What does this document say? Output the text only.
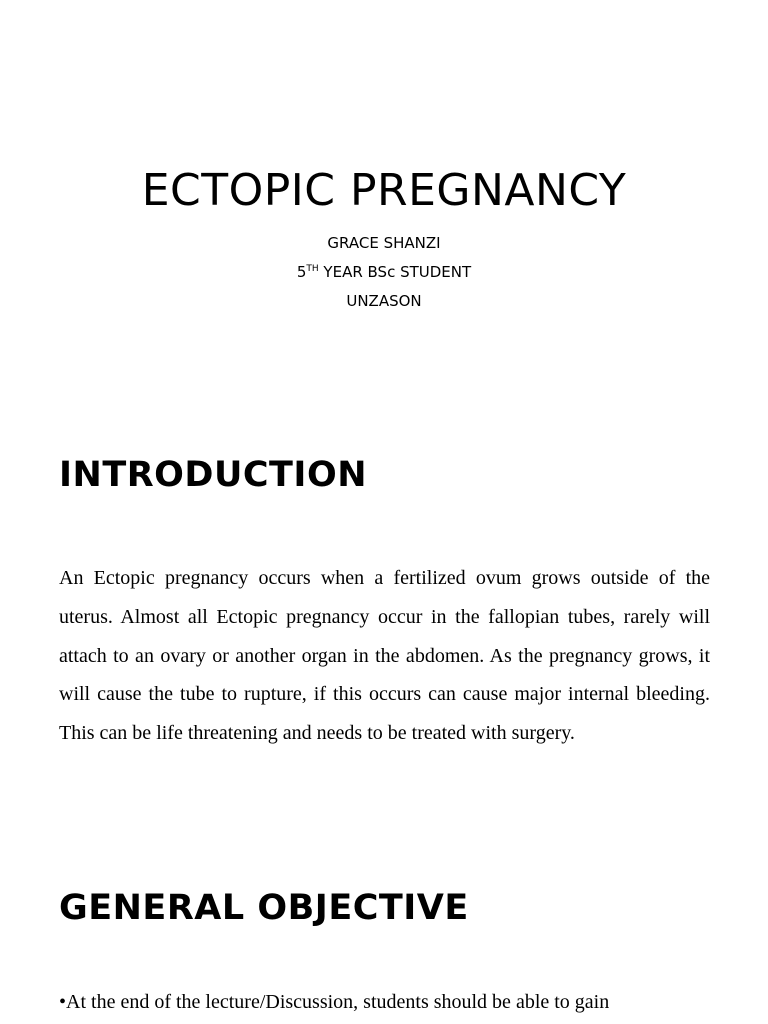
ECTOPIC PREGNANCY
GRACE SHANZI
5TH YEAR BSc STUDENT
UNZASON
INTRODUCTION

An Ectopic pregnancy occurs when a fertilized ovum grows outside of the uterus. Almost all Ectopic pregnancy occur in the fallopian tubes, rarely will attach to an ovary or another organ in the abdomen. As the pregnancy grows, it will cause the tube to rupture, if this occurs can cause major internal bleeding. This can be life threatening and needs to be treated with surgery.

GENERAL OBJECTIVE
•At the end of the lecture/Discussion, students should be able to gain
